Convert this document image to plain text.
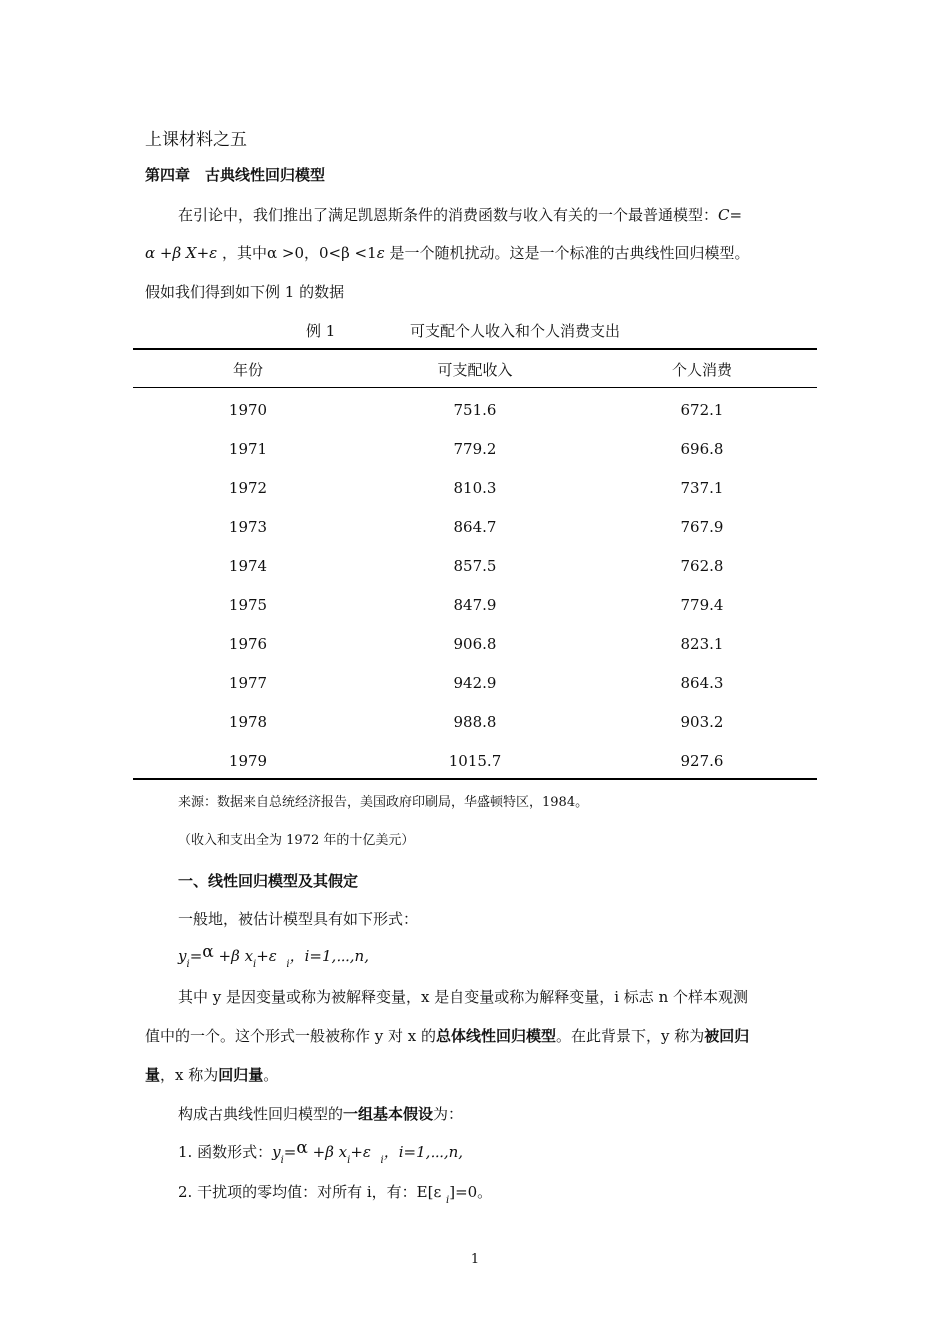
上课材料之五
第四章　古典线性回归模型
在引论中，我们推出了满足凯恩斯条件的消费函数与收入有关的一个最普通模型：C=
α +β X+ε ，其中α >0，0<β <1ε 是一个随机扰动。这是一个标准的古典线性回归模型。
假如我们得到如下例 1 的数据
例 1	可支配个人收入和个人消费支出
年份	可支配收入	个人消费
1970	751.6	672.1
1971	779.2	696.8
1972	810.3	737.1
1973	864.7	767.9
1974	857.5	762.8
1975	847.9	779.4
1976	906.8	823.1
1977	942.9	864.3
1978	988.8	903.2
1979	1015.7	927.6
来源：数据来自总统经济报告，美国政府印刷局，华盛顿特区，1984。
（收入和支出全为 1972 年的十亿美元）
一、线性回归模型及其假定
一般地，被估计模型具有如下形式：
$y_i=\alpha +\beta$ $x_i+\varepsilon$ $_i$，i=1,⋯,n,
其中 y 是因变量或称为被解释变量，x 是自变量或称为解释变量，i 标志 n 个样本观测
值中的一个。这个形式一般被称作 y 对 x 的总体线性回归模型。在此背景下，y 称为被回归
量，x 称为回归量。
构成古典线性回归模型的一组基本假设为：
1. 函数形式：$y_i=\alpha +\beta$ $x_i+\varepsilon$ $_i$，i=1,⋯,n,
2. 干扰项的零均值：对所有 i，有：E[ε $_i$]=0。
1
